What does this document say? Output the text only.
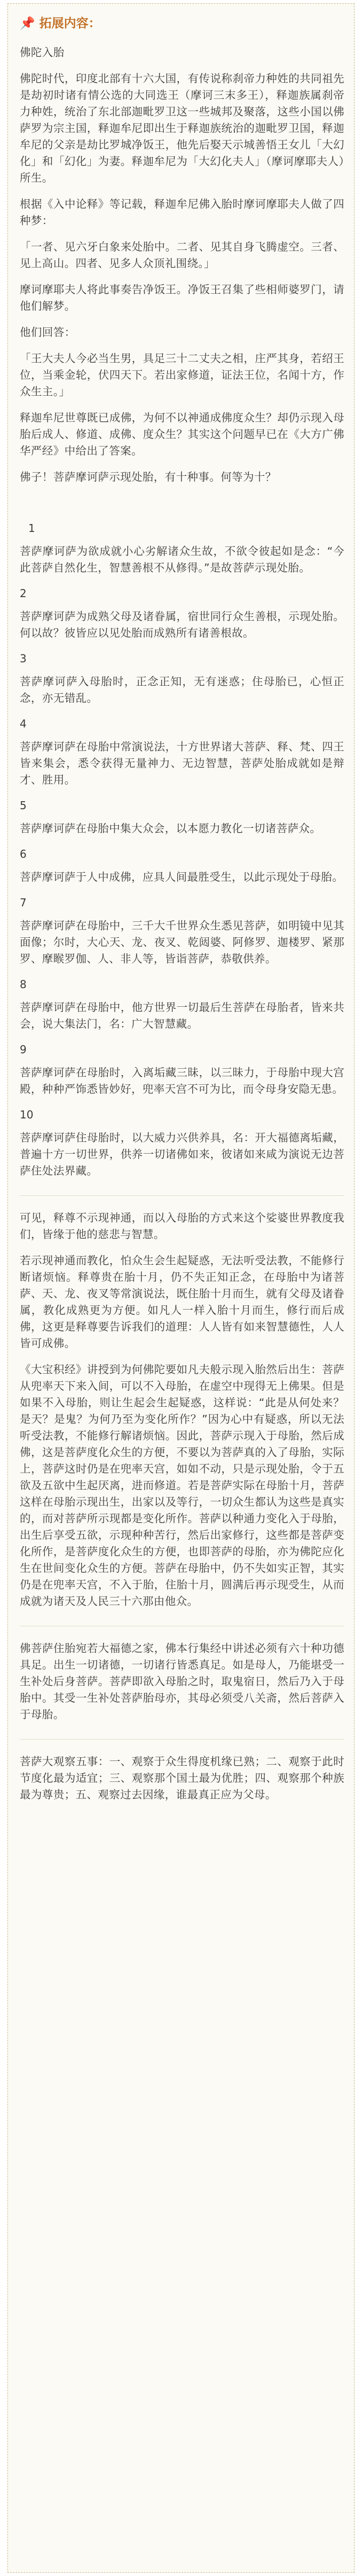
📌 拓展内容：
佛陀入胎
佛陀时代，印度北部有十六大国，有传说称刹帝力种姓的共同祖先是劫初时诸有情公选的大同选王（摩诃三末多王），释迦族属刹帝力种姓，统治了东北部迦毗罗卫这一些城邦及聚落，这些小国以佛萨罗为宗主国，释迦牟尼即出生于释迦族统治的迦毗罗卫国，释迦牟尼的父亲是劫比罗城净饭王，他先后娶天示城善悟王女儿「大幻化」和「幻化」为妻。释迦牟尼为「大幻化夫人」（摩诃摩耶夫人）所生。
根据《入中论释》等记载，释迦牟尼佛入胎时摩诃摩耶夫人做了四种梦：
「一者、见六牙白象来处胎中。二者、见其自身飞腾虚空。三者、见上高山。四者、见多人众顶礼围绕。」
摩诃摩耶夫人将此事奏告净饭王。净饭王召集了些相师婆罗门，请他们解梦。
他们回答：
「王大夫人今必当生男，具足三十二丈夫之相，庄严其身，若绍王位，当乘金轮，伏四天下。若出家修道，证法王位，名闻十方，作众生主。」
释迦牟尼世尊既已成佛，为何不以神通成佛度众生？却仍示现入母胎后成人、修道、成佛、度众生？其实这个问题早已在《大方广佛华严经》中给出了答案。
佛子！菩萨摩诃萨示现处胎，有十种事。何等为十？
1
菩萨摩诃萨为欲成就小心劣解诸众生故，不欲令彼起如是念：“今此菩萨自然化生，智慧善根不从修得。”是故菩萨示现处胎。
2
菩萨摩诃萨为成熟父母及诸眷属，宿世同行众生善根，示现处胎。何以故？彼皆应以见处胎而成熟所有诸善根故。
3
菩萨摩诃萨入母胎时，正念正知，无有迷惑；住母胎已，心恒正念，亦无错乱。
4
菩萨摩诃萨在母胎中常演说法，十方世界诸大菩萨、释、梵、四王皆来集会，悉令获得无量神力、无边智慧，菩萨处胎成就如是辩才、胜用。
5
菩萨摩诃萨在母胎中集大众会，以本愿力教化一切诸菩萨众。
6
菩萨摩诃萨于人中成佛，应具人间最胜受生，以此示现处于母胎。
7
菩萨摩诃萨在母胎中，三千大千世界众生悉见菩萨，如明镜中见其面像；尔时，大心天、龙、夜叉、乾闼婆、阿修罗、迦楼罗、紧那罗、摩睺罗伽、人、非人等，皆诣菩萨，恭敬供养。
8
菩萨摩诃萨在母胎中，他方世界一切最后生菩萨在母胎者，皆来共会，说大集法门，名：广大智慧藏。
9
菩萨摩诃萨在母胎时，入离垢藏三昧，以三昧力，于母胎中现大宫殿，种种严饰悉皆妙好，兜率天宫不可为比，而令母身安隐无患。
10
菩萨摩诃萨住母胎时，以大威力兴供养具，名：开大福德离垢藏，普遍十方一切世界，供养一切诸佛如来，彼诸如来咸为演说无边菩萨住处法界藏。
可见，释尊不示现神通，而以入母胎的方式来这个娑婆世界教度我们，皆缘于他的慈悲与智慧。
若示现神通而教化，怕众生会生起疑惑，无法听受法教，不能修行断诸烦恼。释尊贵在胎十月，仍不失正知正念，在母胎中为诸菩萨、天、龙、夜叉等常演说法，既住胎十月而生，就有父母及诸眷属，教化成熟更为方便。如凡人一样入胎十月而生，修行而后成佛，这更是释尊要告诉我们的道理：人人皆有如来智慧德性，人人皆可成佛。
《大宝积经》讲授到为何佛陀要如凡夫般示现入胎然后出生：菩萨从兜率天下来入间，可以不入母胎，在虚空中现得无上佛果。但是如果不入母胎，则让生起会生起疑惑，这样说：“此是从何处来？是天？是鬼？为何乃至为变化所作？”因为心中有疑惑，所以无法听受法教，不能修行解诸烦恼。因此，菩萨示现入于母胎，然后成佛，这是菩萨度化众生的方便，不要以为菩萨真的入了母胎，实际上，菩萨这时仍是在兜率天宫，如如不动，只是示现处胎，令于五欲及五欲中生起厌离，进而修道。若是菩萨实际在母胎十月，菩萨这样在母胎示现出生，出家以及等行，一切众生都认为这些是真实的，而对菩萨所示现都是变化所作。菩萨以种通力变化入于母胎，出生后享受五欲，示现种种苦行，然后出家修行，这些都是菩萨变化所作，是菩萨度化众生的方便，也即菩萨的母胎，亦为佛陀应化生在世间变化众生的方便。菩萨在母胎中，仍不失如实正智，其实仍是在兜率天宫，不入于胎，住胎十月，圆满后再示现受生，从而成就为诸天及人民三十六那由他众。
佛菩萨住胎宛若大福德之家，佛本行集经中讲述必须有六十种功德具足。出生一切诸德，一切诸行皆悉真足。如是母人，乃能堪受一生补处后身菩萨。菩萨即欲入母胎之时，取鬼宿日，然后乃入于母胎中。其受一生补处菩萨胎母亦，其母必须受八关斋，然后菩萨入于母胎。
菩萨大观察五事：一、观察于众生得度机缘已熟；二、观察于此时节度化最为适宜；三、观察那个国土最为优胜；四、观察那个种族最为尊贵；五、观察过去因缘，谁最真正应为父母。
